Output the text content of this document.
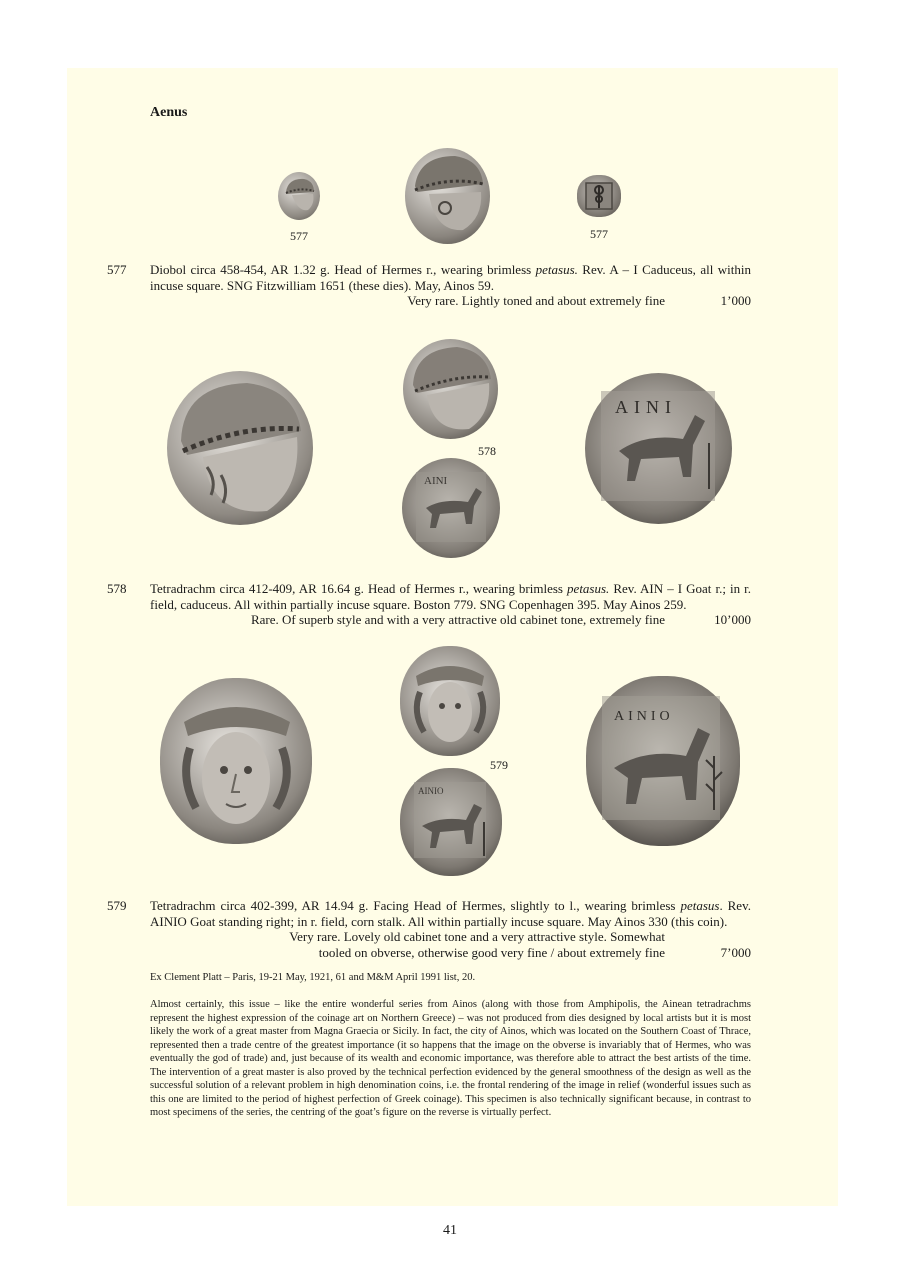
Aenus
577	577
577 Diobol circa 458-454, AR 1.32 g. Head of Hermes r., wearing brimless petasus. Rev. A – I Caduceus, all within incuse square. SNG Fitzwilliam 1651 (these dies). May, Ainos 59.
Very rare. Lightly toned and about extremely fine	1’000
578
AINI
AINI
578 Tetradrachm circa 412-409, AR 16.64 g. Head of Hermes r., wearing brimless petasus. Rev. AIN – I Goat r.; in r. field, caduceus. All within partially incuse square. Boston 779. SNG Copenhagen 395. May Ainos 259.
Rare. Of superb style and with a very attractive old cabinet tone, extremely fine	10’000
579
AINIO
AINIO
579 Tetradrachm circa 402-399, AR 14.94 g. Facing Head of Hermes, slightly to l., wearing brimless petasus. Rev. AINIO Goat standing right; in r. field, corn stalk. All within partially incuse square. May Ainos 330 (this coin).
Very rare. Lovely old cabinet tone and a very attractive style. Somewhat
tooled on obverse, otherwise good very fine / about extremely fine	7’000
Ex Clement Platt – Paris, 19-21 May, 1921, 61 and M&M April 1991 list, 20.
Almost certainly, this issue – like the entire wonderful series from Ainos (along with those from Amphipolis, the Ainean tetradrachms represent the highest expression of the coinage art on Northern Greece) – was not produced from dies designed by local artists but it is most likely the work of a great master from Magna Graecia or Sicily. In fact, the city of Ainos, which was located on the Southern Coast of Thrace, represented then a trade centre of the greatest importance (it so happens that the image on the obverse is invariably that of Hermes, who was eventually the god of trade) and, just because of its wealth and economic importance, was therefore able to attract the best artists of the time. The intervention of a great master is also proved by the technical perfection evidenced by the general smoothness of the design as well as the successful solution of a relevant problem in high denomination coins, i.e. the frontal rendering of the image in relief (wonderful issues such as this one are limited to the period of highest perfection of Greek coinage). This specimen is also technically significant because, in contrast to most specimens of the series, the centring of the goat’s figure on the reverse is virtually perfect.
41
